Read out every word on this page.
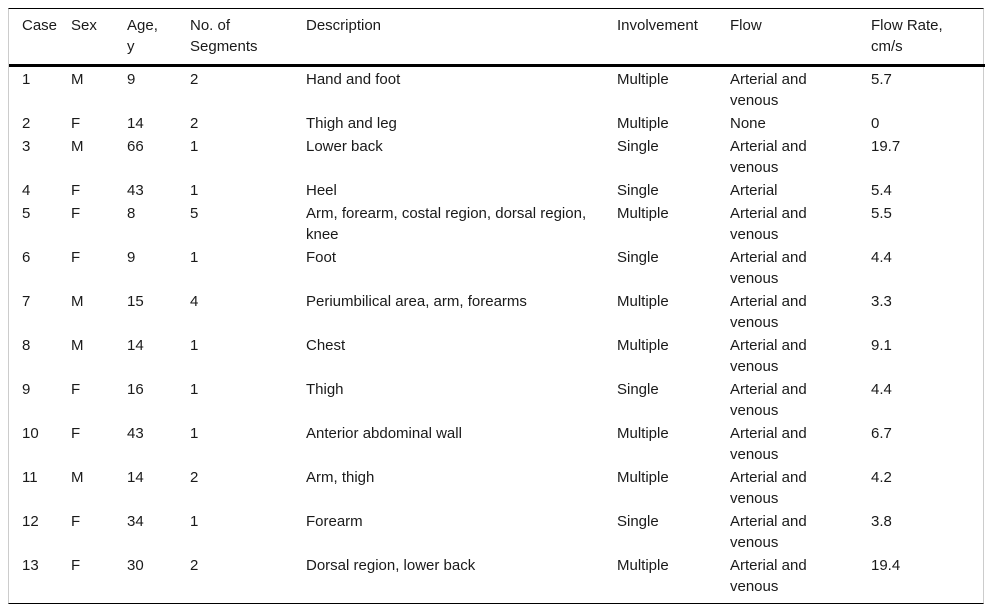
Case	Sex	Age, y	No. of Segments	Description	Involvement	Flow	Flow Rate, cm/s
1	M	9	2	Hand and foot	Multiple	Arterial and venous	5.7
2	F	14	2	Thigh and leg	Multiple	None	0
3	M	66	1	Lower back	Single	Arterial and venous	19.7
4	F	43	1	Heel	Single	Arterial	5.4
5	F	8	5	Arm, forearm, costal region, dorsal region, knee	Multiple	Arterial and venous	5.5
6	F	9	1	Foot	Single	Arterial and venous	4.4
7	M	15	4	Periumbilical area, arm, forearms	Multiple	Arterial and venous	3.3
8	M	14	1	Chest	Multiple	Arterial and venous	9.1
9	F	16	1	Thigh	Single	Arterial and venous	4.4
10	F	43	1	Anterior abdominal wall	Multiple	Arterial and venous	6.7
11	M	14	2	Arm, thigh	Multiple	Arterial and venous	4.2
12	F	34	1	Forearm	Single	Arterial and venous	3.8
13	F	30	2	Dorsal region, lower back	Multiple	Arterial and venous	19.4
